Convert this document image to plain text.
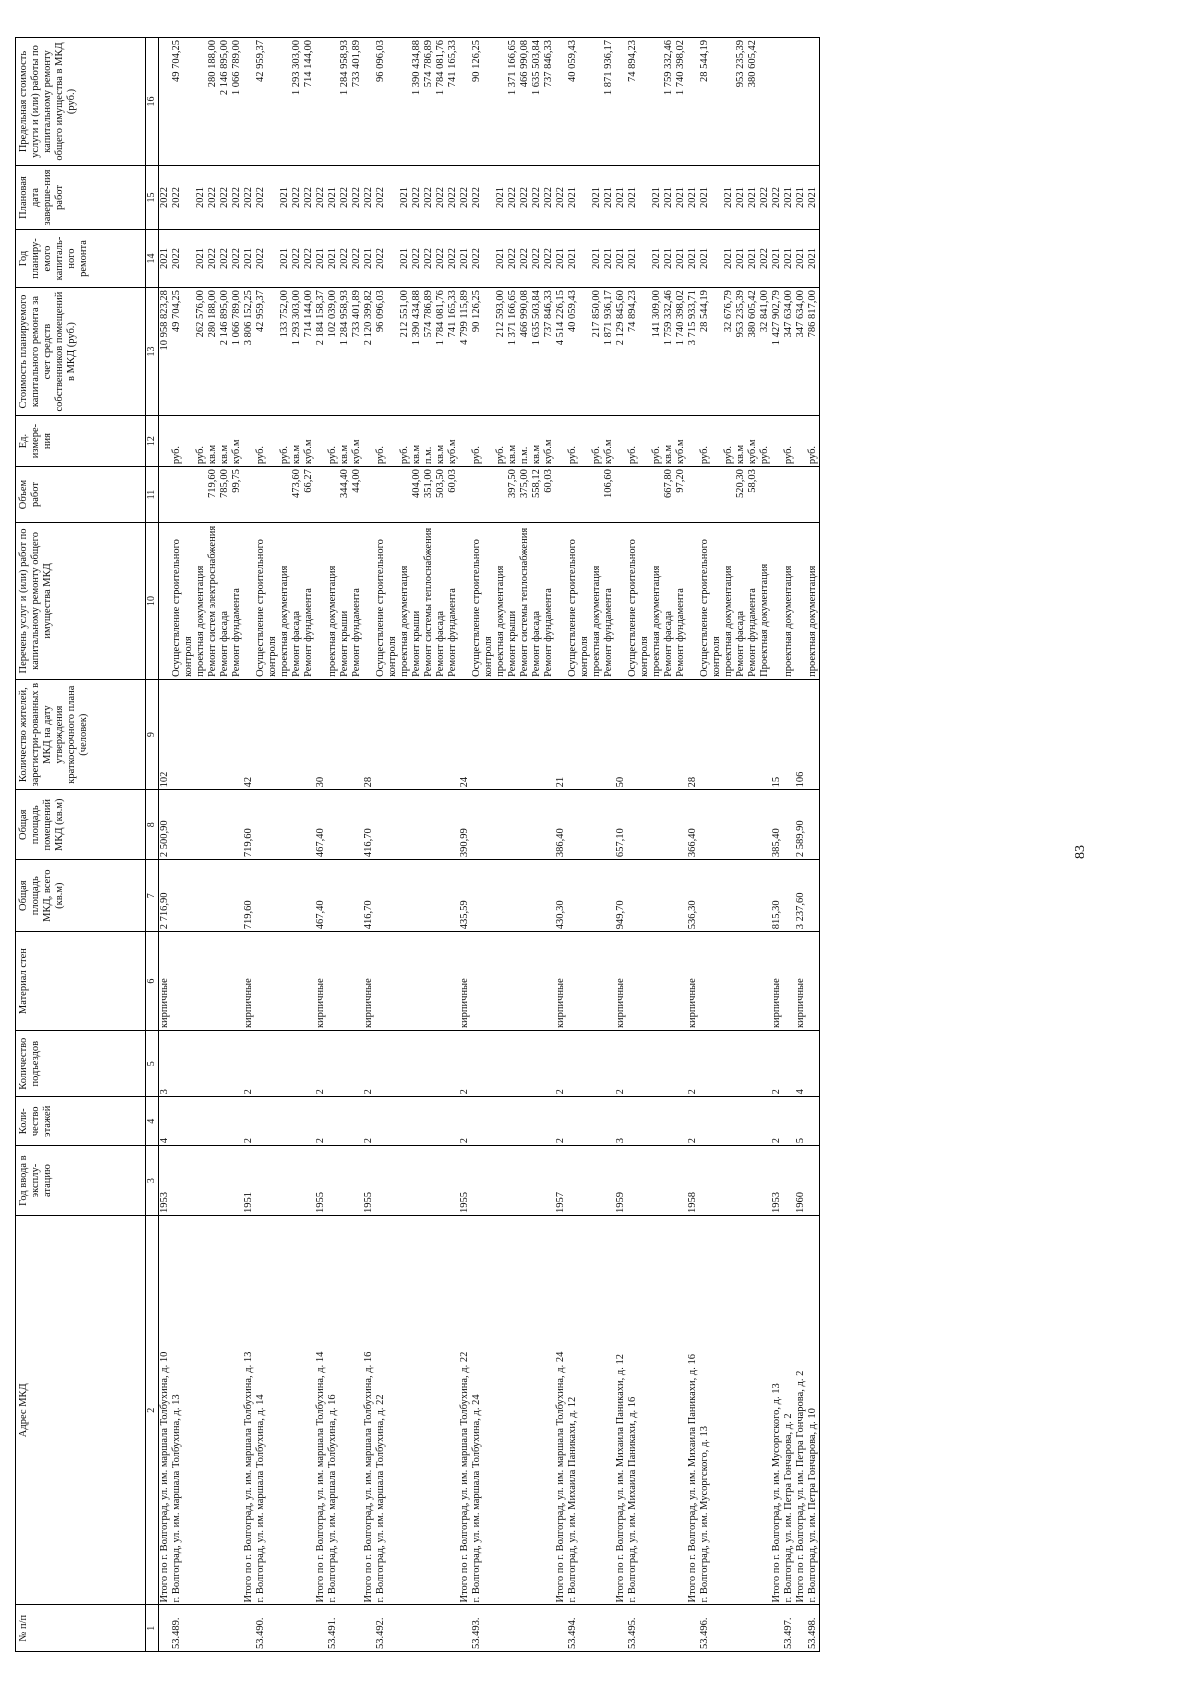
83
№ п/п	Адрес МКД	Год ввода в эксплу-атацию	Коли-чество этажей	Количество подъездов	Материал стен	Общая площадь МКД, всего (кв.м)	Общая площадь помещений МКД (кв.м)	Количество жителей, зарегистри-рованных в МКД на дату утверждения краткосрочного плана (человек)	Перечень услуг и (или) работ по капитальному ремонту общего имущества МКД	Объем работ	Ед. измере-ния	Стоимость планируемого капитального ремонта за счет средств собственников помещений в МКД (руб.)	Год планиру-емого капиталь-ного ремонта	Плановая дата заверше-ния работ	Предельная стоимость услуги и (или) работы по капитальному ремонту общего имущества в МКД (руб.)
1	2	3	4	5	6	7	8	9	10	11	12	13	14	15	16
	Итого по г. Волгоград, ул. им. маршала Толбухина, д. 10	1953	4	3	кирпичные	2 716,90	2 500,90	102				10 958 823,28	2021	2022	
53.489.	г. Волгоград, ул. им. маршала Толбухина, д. 13								Осуществление строительного контроля		руб.	49 704,25	2022	2022	49 704,25
									проектная документация		руб.	262 576,00	2021	2021	
									Ремонт систем электроснабжения	719,60	кв.м	280 188,00	2022	2022	280 188,00
									Ремонт фасада	785,00	кв.м	2 146 895,00	2022	2022	2 146 895,00
									Ремонт фундамента	99,75	куб.м	1 066 789,00	2022	2022	1 066 789,00
	Итого по г. Волгоград, ул. им. маршала Толбухина, д. 13	1951	2	2	кирпичные	719,60	719,60	42				3 806 152,25	2021	2022	
53.490.	г. Волгоград, ул. им. маршала Толбухина, д. 14								Осуществление строительного контроля		руб.	42 959,37	2022	2022	42 959,37
									проектная документация		руб.	133 752,00	2021	2021	
									Ремонт фасада	473,60	кв.м	1 293 303,00	2022	2022	1 293 303,00
									Ремонт фундамента	66,27	куб.м	714 144,00	2022	2022	714 144,00
	Итого по г. Волгоград, ул. им. маршала Толбухина, д. 14	1955	2	2	кирпичные	467,40	467,40	30				2 184 158,37	2021	2022	
53.491.	г. Волгоград, ул. им. маршала Толбухина, д. 16								проектная документация		руб.	102 039,00	2021	2021	
									Ремонт крыши	344,40	кв.м	1 284 958,93	2022	2022	1 284 958,93
									Ремонт фундамента	44,00	куб.м	733 401,89	2022	2022	733 401,89
	Итого по г. Волгоград, ул. им. маршала Толбухина, д. 16	1955	2	2	кирпичные	416,70	416,70	28				2 120 399,82	2021	2022	
53.492.	г. Волгоград, ул. им. маршала Толбухина, д. 22								Осуществление строительного контроля		руб.	96 096,03	2022	2022	96 096,03
									проектная документация		руб.	212 551,00	2021	2021	
									Ремонт крыши	404,00	кв.м	1 390 434,88	2022	2022	1 390 434,88
									Ремонт системы теплоснабжения	351,00	п.м.	574 786,89	2022	2022	574 786,89
									Ремонт фасада	503,50	кв.м	1 784 081,76	2022	2022	1 784 081,76
									Ремонт фундамента	60,03	куб.м	741 165,33	2022	2022	741 165,33
	Итого по г. Волгоград, ул. им. маршала Толбухина, д. 22	1955	2	2	кирпичные	435,59	390,99	24				4 799 115,89	2021	2022	
53.493.	г. Волгоград, ул. им. маршала Толбухина, д. 24								Осуществление строительного контроля		руб.	90 126,25	2022	2022	90 126,25
									проектная документация		руб.	212 593,00	2021	2021	
									Ремонт крыши	397,50	кв.м	1 371 166,65	2022	2022	1 371 166,65
									Ремонт системы теплоснабжения	375,00	п.м.	466 990,08	2022	2022	466 990,08
									Ремонт фасада	558,12	кв.м	1 635 503,84	2022	2022	1 635 503,84
									Ремонт фундамента	60,03	куб.м	737 846,33	2022	2022	737 846,33
	Итого по г. Волгоград, ул. им. маршала Толбухина, д. 24	1957	2	2	кирпичные	430,30	386,40	21				4 514 226,15	2021	2022	
53.494.	г. Волгоград, ул. им. Михаила Паникахи, д. 12								Осуществление строительного контроля		руб.	40 059,43	2021	2021	40 059,43
									проектная документация		руб.	217 850,00	2021	2021	
									Ремонт фундамента	106,60	куб.м	1 871 936,17	2021	2021	1 871 936,17
	Итого по г. Волгоград, ул. им. Михаила Паникахи, д. 12	1959	3	2	кирпичные	949,70	657,10	50				2 129 845,60	2021	2021	
53.495.	г. Волгоград, ул. им. Михаила Паникахи, д. 16								Осуществление строительного контроля		руб.	74 894,23	2021	2021	74 894,23
									проектная документация		руб.	141 309,00	2021	2021	
									Ремонт фасада	667,80	кв.м	1 759 332,46	2021	2021	1 759 332,46
									Ремонт фундамента	97,20	куб.м	1 740 398,02	2021	2021	1 740 398,02
	Итого по г. Волгоград, ул. им. Михаила Паникахи, д. 16	1958	2	2	кирпичные	536,30	366,40	28				3 715 933,71	2021	2021	
53.496.	г. Волгоград, ул. им. Мусоргского, д. 13								Осуществление строительного контроля		руб.	28 544,19	2021	2021	28 544,19
									проектная документация		руб.	32 676,79	2021	2021	
									Ремонт фасада	520,30	кв.м	953 235,39	2021	2021	953 235,39
									Ремонт фундамента	58,03	куб.м	380 605,42	2021	2021	380 605,42
									Проектная документация		руб.	32 841,00	2022	2022	
	Итого по г. Волгоград, ул. им. Мусоргского, д. 13	1953	2	2	кирпичные	815,30	385,40	15				1 427 902,79	2021	2022	
53.497.	г. Волгоград, ул. им. Петра Гончарова, д. 2								проектная документация		руб.	347 634,00	2021	2021	
	Итого по г. Волгоград, ул. им. Петра Гончарова, д. 2	1960	5	4	кирпичные	3 237,60	2 589,90	106				347 634,00	2021	2021	
53.498.	г. Волгоград, ул. им. Петра Гончарова, д. 10								проектная документация		руб.	786 817,00	2021	2021	
